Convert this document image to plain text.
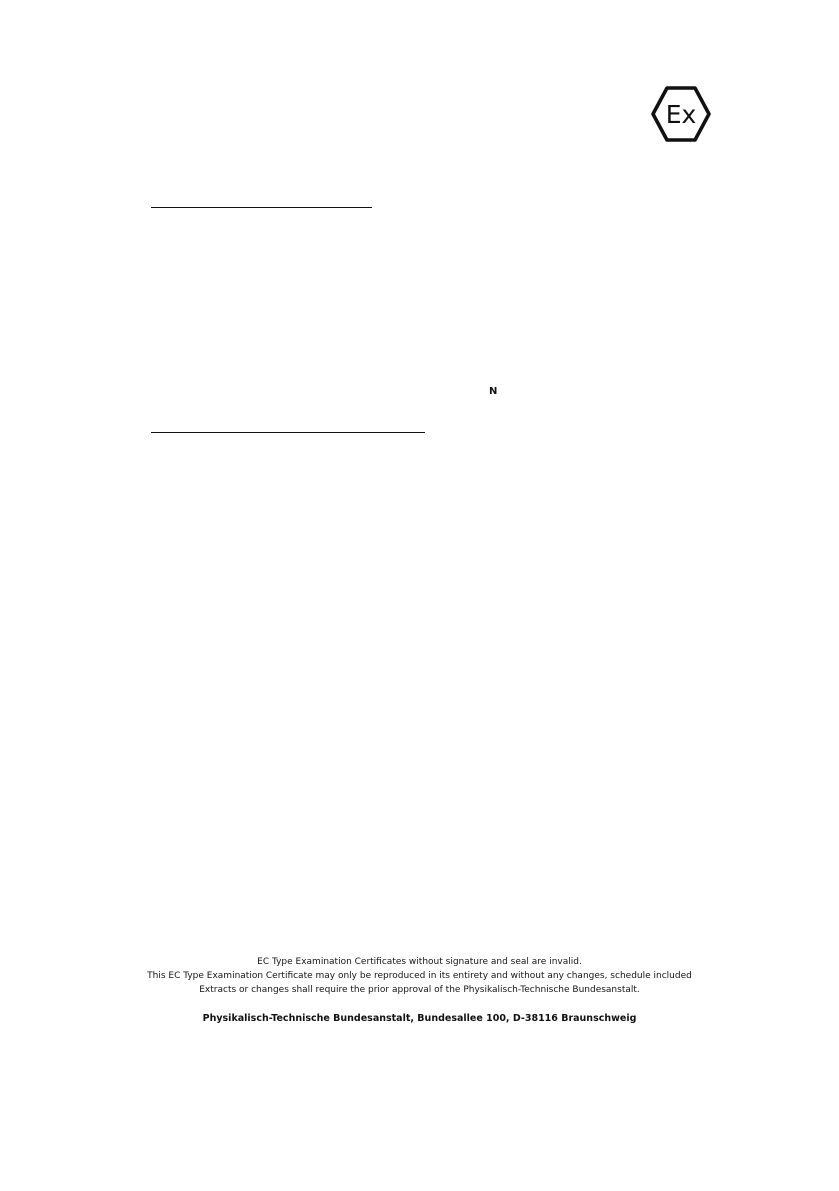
Ex
N
EC Type Examination Certificates without signature and seal are invalid.
This EC Type Examination Certificate may only be reproduced in its entirety and without any changes, schedule included
Extracts or changes shall require the prior approval of the Physikalisch-Technische Bundesanstalt.
Physikalisch-Technische Bundesanstalt, Bundesallee 100, D-38116 Braunschweig
